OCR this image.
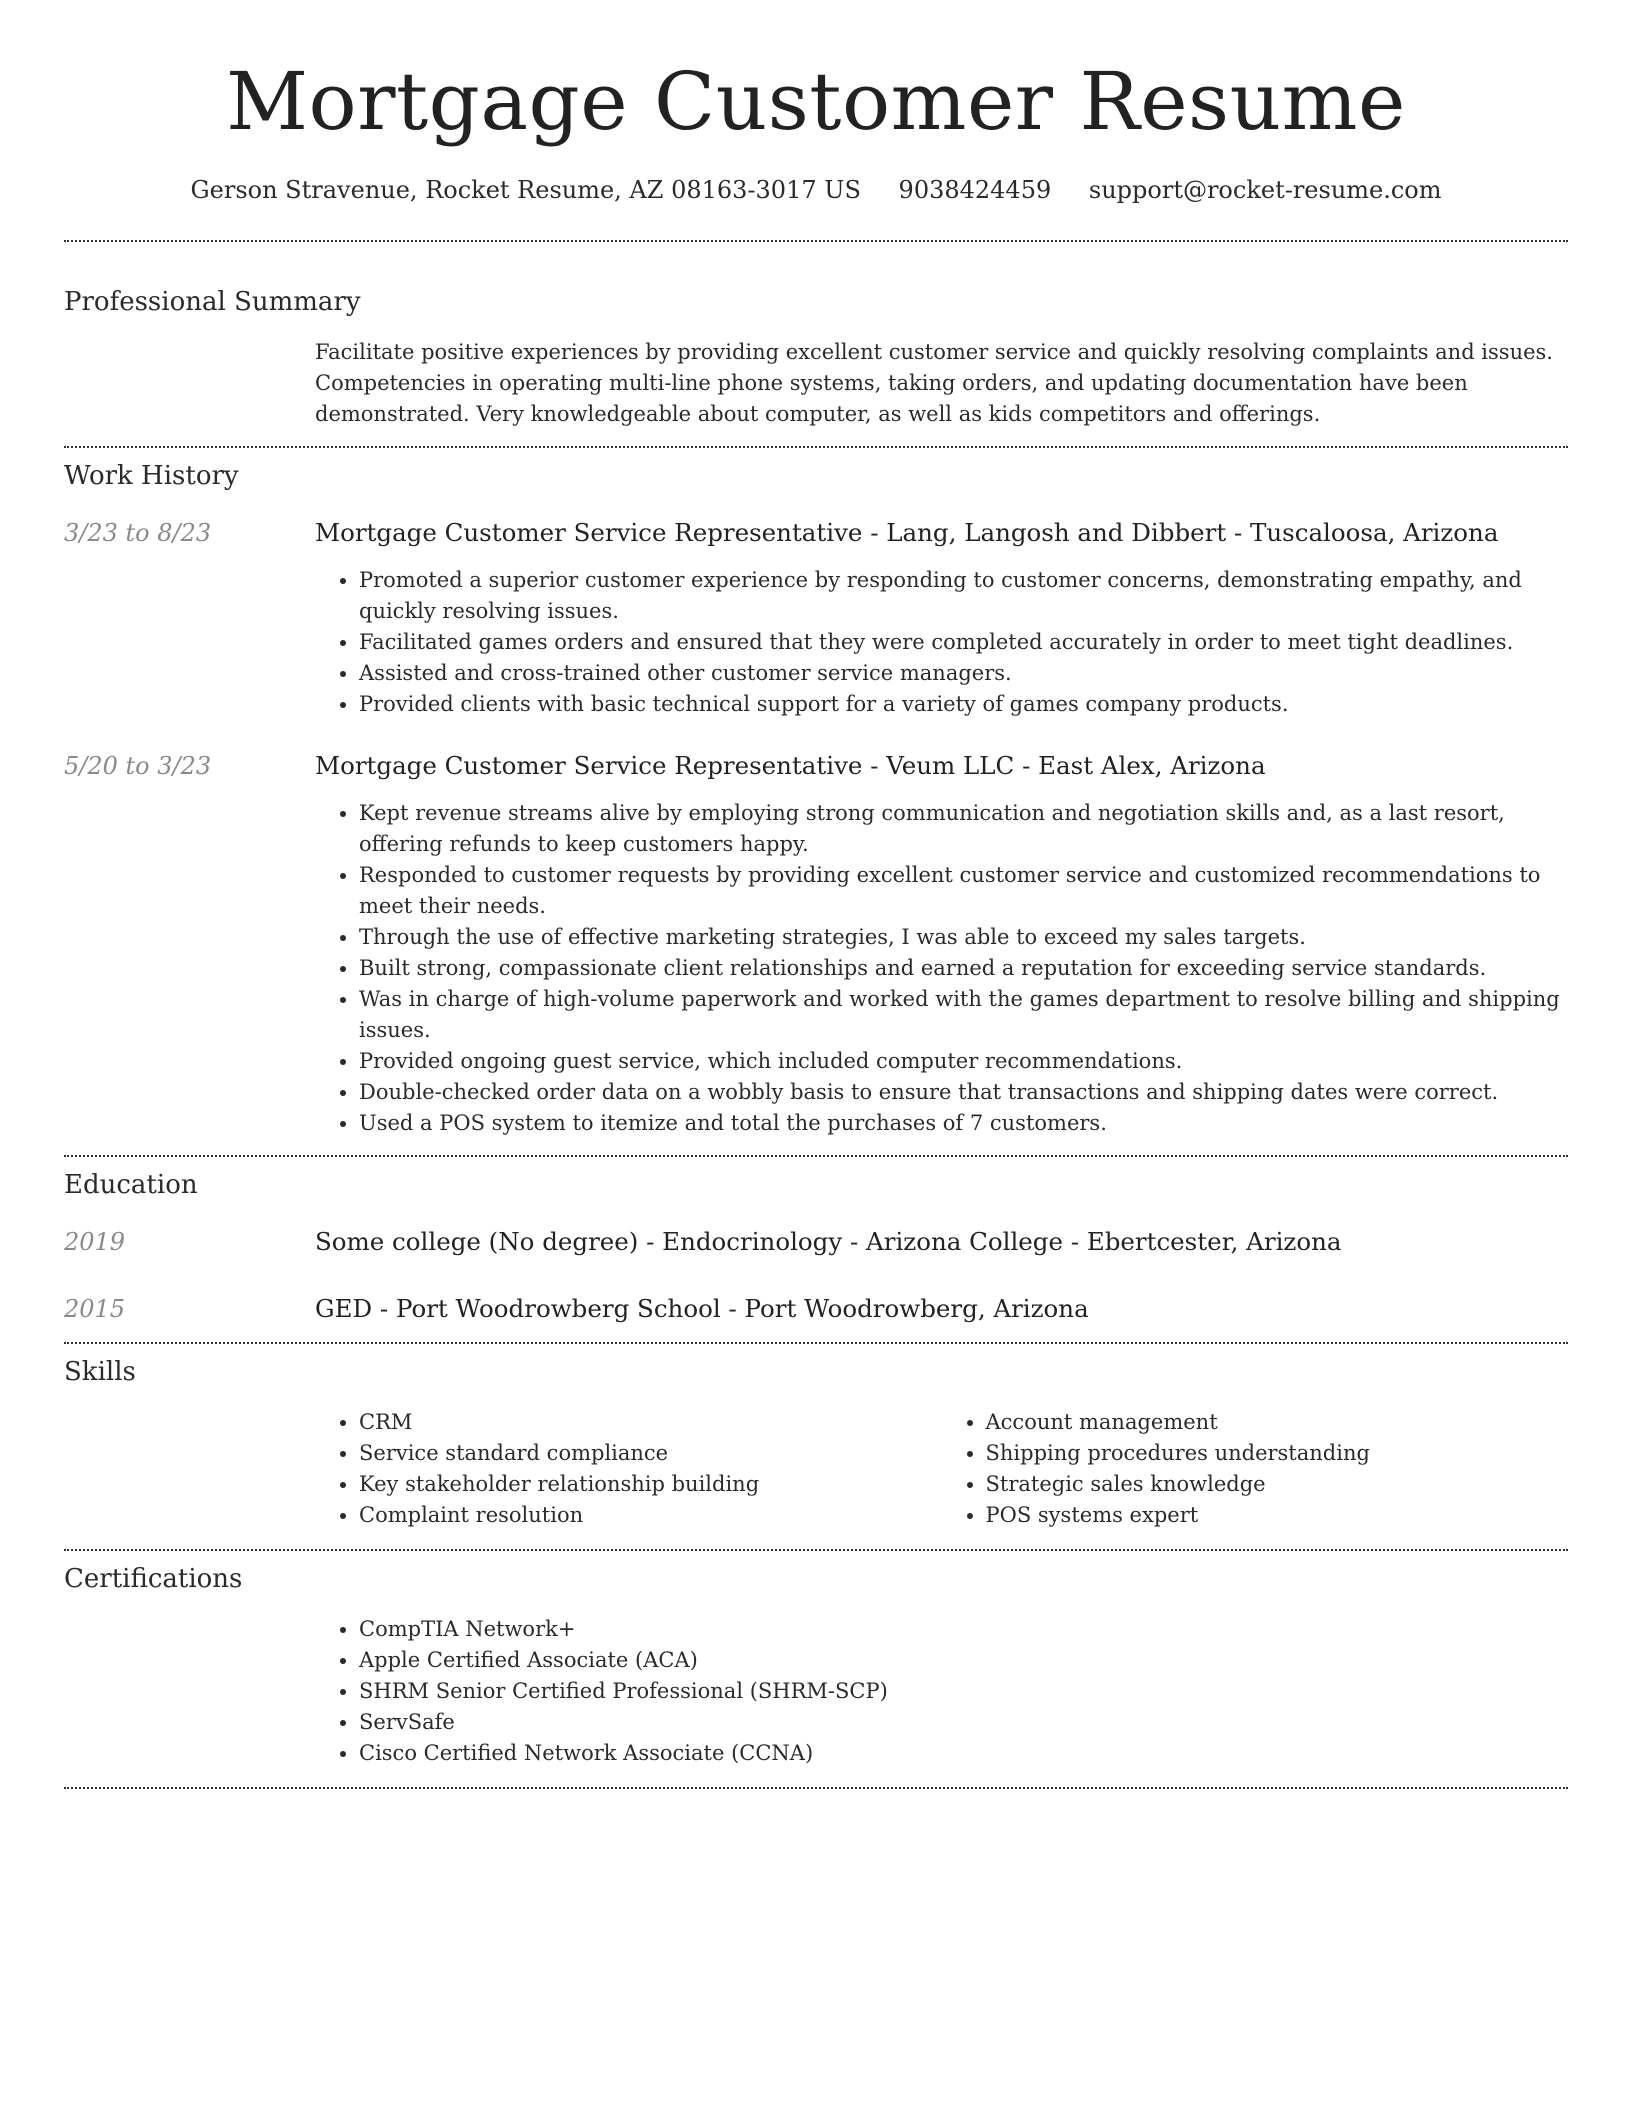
Mortgage Customer Resume
Gerson Stravenue, Rocket Resume, AZ 08163-3017 US 9038424459 support@rocket-resume.com
Professional Summary
Facilitate positive experiences by providing excellent customer service and quickly resolving complaints and issues. Competencies in operating multi-line phone systems, taking orders, and updating documentation have been demonstrated. Very knowledgeable about computer, as well as kids competitors and offerings.
Work History
3/23 to 8/23	Mortgage Customer Service Representative - Lang, Langosh and Dibbert - Tuscaloosa, Arizona
• Promoted a superior customer experience by responding to customer concerns, demonstrating empathy, and quickly resolving issues.
• Facilitated games orders and ensured that they were completed accurately in order to meet tight deadlines.
• Assisted and cross-trained other customer service managers.
• Provided clients with basic technical support for a variety of games company products.
5/20 to 3/23	Mortgage Customer Service Representative - Veum LLC - East Alex, Arizona
• Kept revenue streams alive by employing strong communication and negotiation skills and, as a last resort, offering refunds to keep customers happy.
• Responded to customer requests by providing excellent customer service and customized recommendations to meet their needs.
• Through the use of effective marketing strategies, I was able to exceed my sales targets.
• Built strong, compassionate client relationships and earned a reputation for exceeding service standards.
• Was in charge of high-volume paperwork and worked with the games department to resolve billing and shipping issues.
• Provided ongoing guest service, which included computer recommendations.
• Double-checked order data on a wobbly basis to ensure that transactions and shipping dates were correct.
• Used a POS system to itemize and total the purchases of 7 customers.
Education
2019	Some college (No degree) - Endocrinology - Arizona College - Ebertcester, Arizona
2015	GED - Port Woodrowberg School - Port Woodrowberg, Arizona
Skills
• CRM
• Service standard compliance
• Key stakeholder relationship building
• Complaint resolution
• Account management
• Shipping procedures understanding
• Strategic sales knowledge
• POS systems expert
Certifications
• CompTIA Network+
• Apple Certified Associate (ACA)
• SHRM Senior Certified Professional (SHRM-SCP)
• ServSafe
• Cisco Certified Network Associate (CCNA)
